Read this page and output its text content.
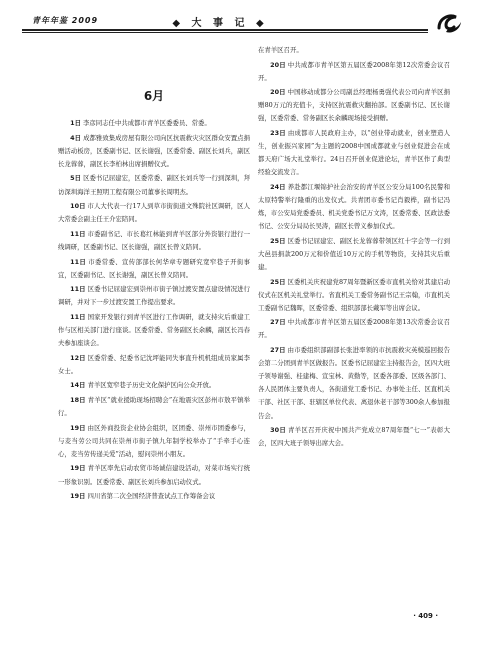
青年年鉴 2009	◆ 大 事 记 ◆
6月

1日 李彦同志任中共成都市青羊区委委员、常委。

4日 成都雅致集成房屋有限公司向区抗震救灾灾区群众安置点捐赠活动板房，区委副书记、区长谢强，区委常委、副区长刘兵，副区长龙蓉蓉，副区长李柏林出席捐赠仪式。

5日 区委书记屈建宏，区委常委、副区长刘兵等一行到深圳，拜访深圳海洋王照明工程有限公司董事长周明杰。

10日 市人大代表一行17人到草市街街道文殊院社区调研，区人大常委会副主任王介宏陪同。

11日 市委副书记、市长葛红林能到青羊区部分外资银行进行一线调研，区委副书记、区长谢强，副区长曾义陪同。

11日 市委常委、宣传部部长何华章专题研究宽窄巷子开街事宜，区委副书记、区长谢强，副区长曾义陪同。

11日 区委书记屈建宏到崇州市街子镇过渡安置点建设情况进行调研，并对下一步过渡安置工作提出要求。

11日 国家开发银行到青羊区进行工作调研，就支持灾后重建工作与区相关部门进行座谈。区委常委、常务副区长余麟，副区长冯春夫参加座谈会。

12日 区委常委、纪委书记沈坪能同失事直升机机组成员家属李女士。

14日 青羊区宽窄巷子历史文化保护区向公众开放。

18日 青羊区“就业援助现场招聘会”在地震灾区彭州市敖平镇举行。

19日 由区外商投资企业协会组织，区团委、崇州市团委参与，与麦当劳公司共同在崇州市街子镇九年制学校举办了“手牵手心连心，麦当劳传递关爱”活动，慰问崇州小朋友。

19日 青羊区率先启动农贸市场诚信建设活动，对菜市场实行统一形象识别。区委常委、副区长刘兵参加启动仪式。

19日 四川省第二次全国经济普查试点工作筹备会议

在青羊区召开。

20日 中共成都市青羊区第五届区委2008年第12次常委会议召开。

20日 中国移动成都分公司副总经理杨勇强代表公司向青羊区捐赠80万元的充值卡，支持区抗震救灾翻拍部。区委副书记、区长谢强，区委常委、常务副区长余麟现场接受捐赠。

23日 由成都市人民政府主办，以“创业带动就业，创业塑造人生，创业振兴家园”为主题的2008中国成都就业与创业促进会在成都天府广场大礼堂举行。24日召开创业促进论坛，青羊区作了典型经验交流发言。

24日 养赴都江堰锦护社会治安的青羊区公安分局100名民警和太原特警举行隆重的出发仪式。共青团市委书记肖毅桦，副书记冯炼，市公安局党委委员、机关党委书记万文涛，区委常委、区政法委书记、公安分局局长吴涛，副区长曾义参加仪式。

25日 区委书记屈建宏、副区长龙蓉蓉带领区红十字会等一行到大邑县捐款200万元和价值近10万元的手机等物资，支持其灾后重建。

25日 区委机关庆祝建党87周年暨新区委市直机关恰对其建启动仪式在区机关礼堂举行。省直机关工委常务副书记王宗翰，市直机关工委副书记魏晖，区委常委、组织部部长戴军等出席会议。

27日 中共成都市青羊区第五届区委2008年第13次常委会议召开。

27日 由市委组织部副部长张进率领的市抗震救灾英模巡回报告会第二分团到青羊区做报告。区委书记屈建宏主持报告会，区四大班子领导谢强、桂建梅、宣宝林、黄勤等，区委各部委、区级各部门、各人民团体主要负责人，各街道党工委书记、办事处主任、区直机关干部、社区干部、驻辖区单位代表、离退休老干部等300余人参加报告会。

30日 青羊区召开庆祝中国共产党成立87周年暨“七一”表彰大会，区四大班子领导出席大会。

· 409 ·
